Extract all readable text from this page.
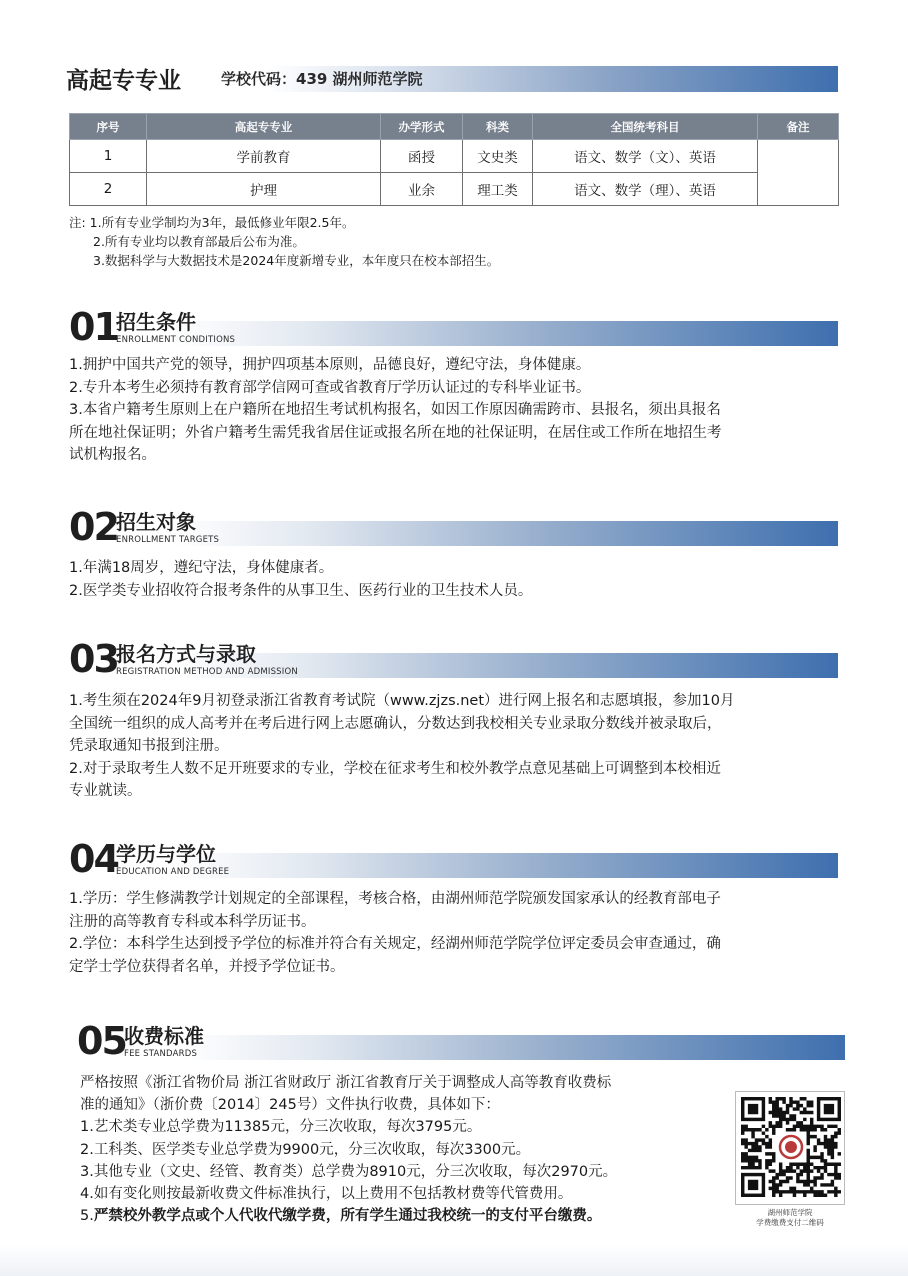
高起专专业	学校代码：439 湖州师范学院
序号	高起专专业	办学形式	科类	全国统考科目	备注
1	学前教育	函授	文史类	语文、数学（文）、英语	
2	护理	业余	理工类	语文、数学（理）、英语	
注: 1.所有专业学制均为3年，最低修业年限2.5年。
2.所有专业均以教育部最后公布为准。
3.数据科学与大数据技术是2024年度新增专业，本年度只在校本部招生。
01
招生条件
ENROLLMENT CONDITIONS
1.拥护中国共产党的领导，拥护四项基本原则，品德良好，遵纪守法，身体健康。
2.专升本考生必须持有教育部学信网可查或省教育厅学历认证过的专科毕业证书。
3.本省户籍考生原则上在户籍所在地招生考试机构报名，如因工作原因确需跨市、县报名，须出具报名
所在地社保证明；外省户籍考生需凭我省居住证或报名所在地的社保证明，在居住或工作所在地招生考
试机构报名。
02
招生对象
ENROLLMENT TARGETS
1.年满18周岁，遵纪守法，身体健康者。
2.医学类专业招收符合报考条件的从事卫生、医药行业的卫生技术人员。
03
报名方式与录取
REGISTRATION METHOD AND ADMISSION
1.考生须在2024年9月初登录浙江省教育考试院（www.zjzs.net）进行网上报名和志愿填报，参加10月
全国统一组织的成人高考并在考后进行网上志愿确认，分数达到我校相关专业录取分数线并被录取后，
凭录取通知书报到注册。
2.对于录取考生人数不足开班要求的专业，学校在征求考生和校外教学点意见基础上可调整到本校相近
专业就读。
04
学历与学位
EDUCATION AND DEGREE
1.学历：学生修满教学计划规定的全部课程，考核合格，由湖州师范学院颁发国家承认的经教育部电子
注册的高等教育专科或本科学历证书。
2.学位：本科学生达到授予学位的标准并符合有关规定，经湖州师范学院学位评定委员会审查通过，确
定学士学位获得者名单，并授予学位证书。
05
收费标准
FEE STANDARDS
严格按照《浙江省物价局 浙江省财政厅 浙江省教育厅关于调整成人高等教育收费标
准的通知》（浙价费〔2014〕245号）文件执行收费，具体如下：
1.艺术类专业总学费为11385元，分三次收取，每次3795元。
2.工科类、医学类专业总学费为9900元，分三次收取，每次3300元。
3.其他专业（文史、经管、教育类）总学费为8910元，分三次收取，每次2970元。
4.如有变化则按最新收费文件标准执行，以上费用不包括教材费等代管费用。
5.严禁校外教学点或个人代收代缴学费，所有学生通过我校统一的支付平台缴费。	湖州师范学院
学费缴费支付二维码
